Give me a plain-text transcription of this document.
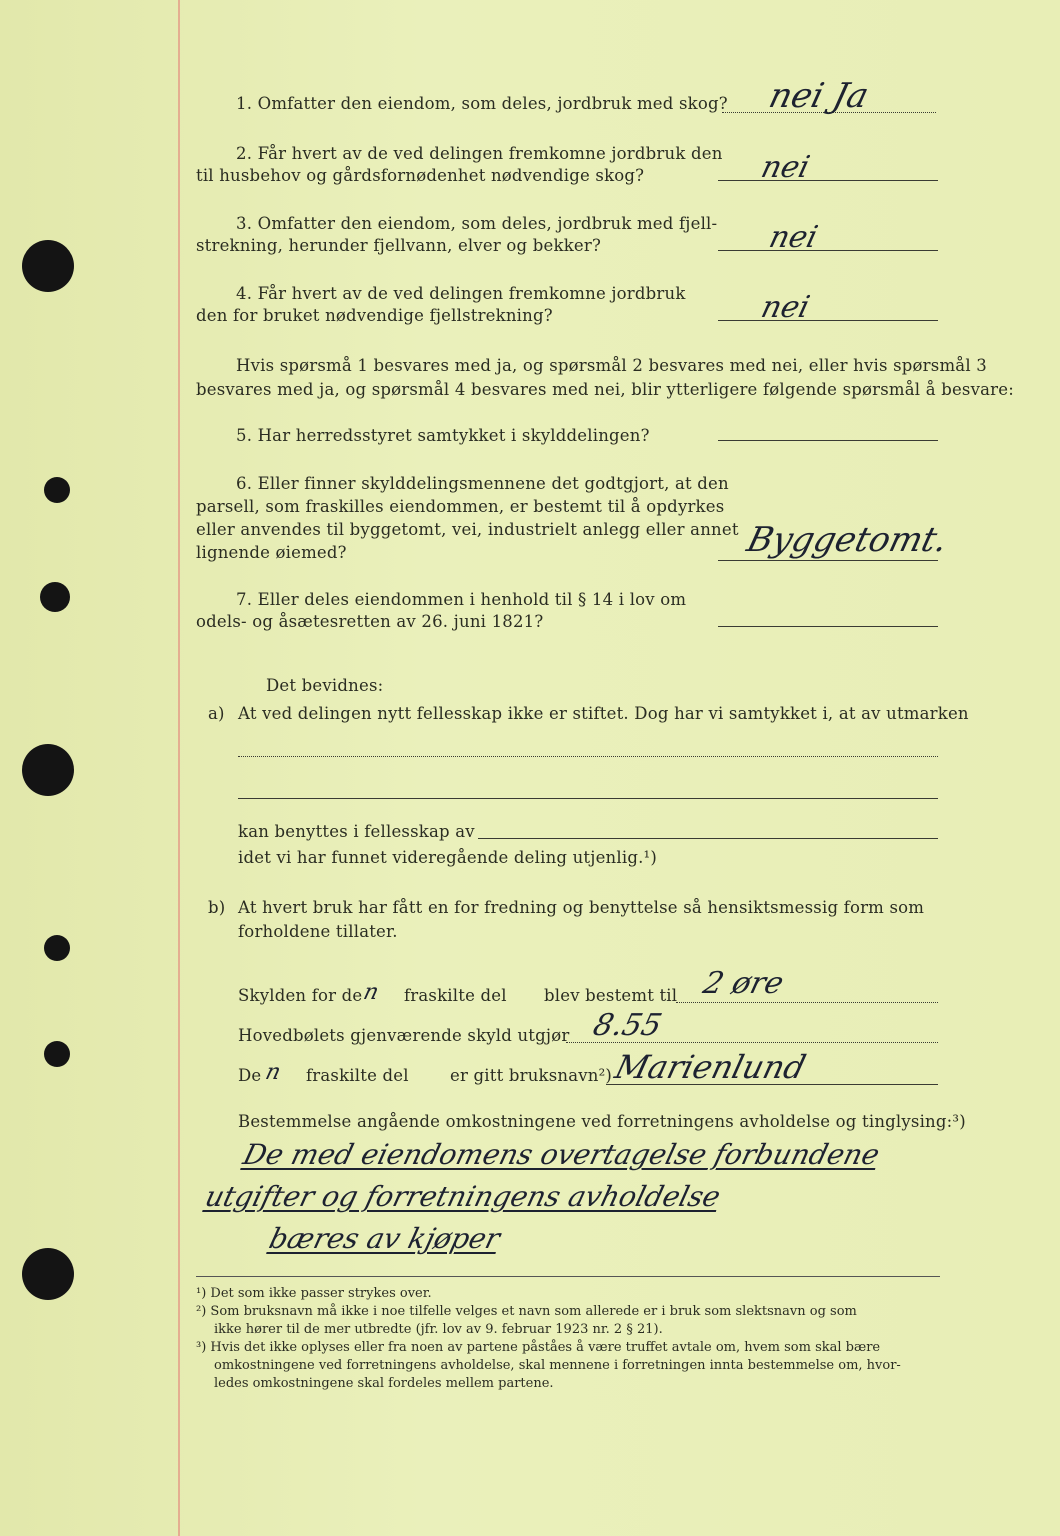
1. Omfatter den eiendom, som deles, jordbruk med skog? nei Ja
2. Får hvert av de ved delingen fremkomne jordbruk den
til husbehov og gårdsfornødenhet nødvendige skog?	nei
3. Omfatter den eiendom, som deles, jordbruk med fjell-
strekning, herunder fjellvann, elver og bekker?	nei
4. Får hvert av de ved delingen fremkomne jordbruk
den for bruket nødvendige fjellstrekning?	nei
Hvis spørsmå 1 besvares med ja, og spørsmål 2 besvares med nei, eller hvis spørsmål 3
besvares med ja, og spørsmål 4 besvares med nei, blir ytterligere følgende spørsmål å besvare:
5. Har herredsstyret samtykket i skylddelingen?
6. Eller finner skylddelingsmennene det godtgjort, at den
parsell, som fraskilles eiendommen, er bestemt til å opdyrkes
eller anvendes til byggetomt, vei, industrielt anlegg eller annet
lignende øiemed?	Byggetomt.
7. Eller deles eiendommen i henhold til § 14 i lov om
odels- og åsætesretten av 26. juni 1821?
Det bevidnes:
a) At ved delingen nytt fellesskap ikke er stiftet. Dog har vi samtykket i, at av utmarken
kan benyttes i fellesskap av
idet vi har funnet videregående deling utjenlig.¹)
b) At hvert bruk har fått en for fredning og benyttelse så hensiktsmessig form som
forholdene tillater.
Skylden for de
n fraskilte del blev bestemt til 2 øre
Hovedbølets gjenværende skyld utgjør 8.55
De n fraskilte del	er gitt bruksnavn²) Marienlund
Bestemmelse angående omkostningene ved forretningens avholdelse og tinglysing:³)
De med eiendomens overtagelse forbundene
utgifter og forretningens avholdelse
bæres av kjøper
¹) Det som ikke passer strykes over.
²) Som bruksnavn må ikke i noe tilfelle velges et navn som allerede er i bruk som slektsnavn og som
ikke hører til de mer utbredte (jfr. lov av 9. februar 1923 nr. 2 § 21).
³) Hvis det ikke oplyses eller fra noen av partene påståes å være truffet avtale om, hvem som skal bære
omkostningene ved forretningens avholdelse, skal mennene i forretningen innta bestemmelse om, hvor-
ledes omkostningene skal fordeles mellem partene.
